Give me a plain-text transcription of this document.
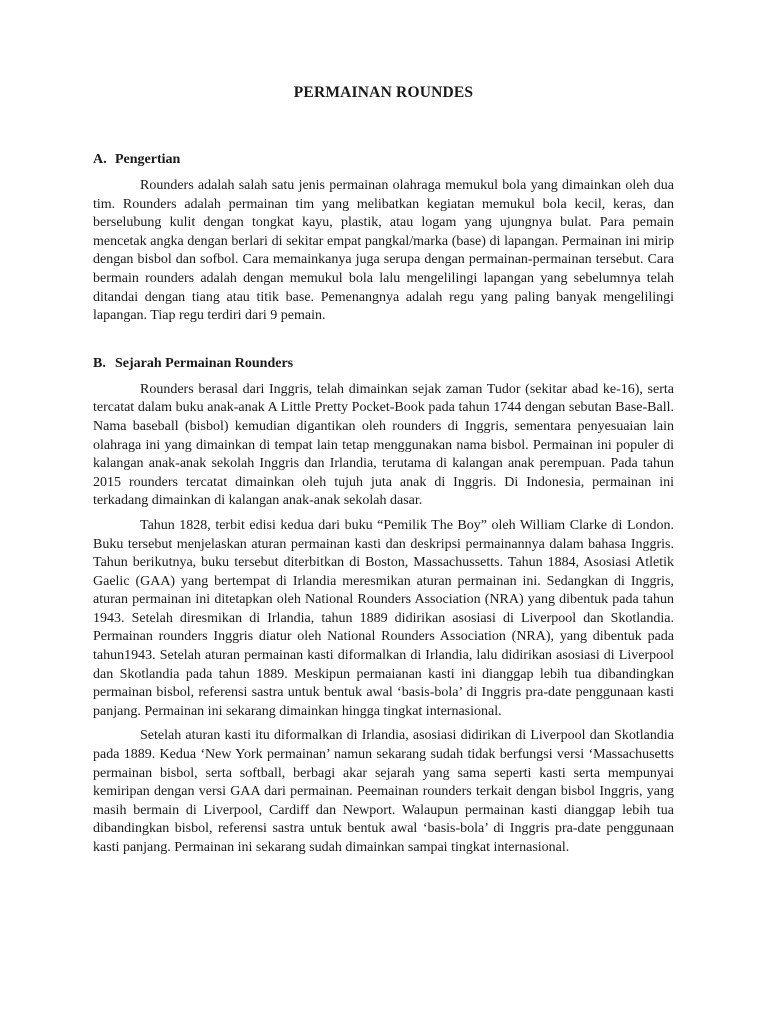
PERMAINAN ROUNDES
A. Pengertian

Rounders adalah salah satu jenis permainan olahraga memukul bola yang dimainkan oleh dua tim. Rounders adalah permainan tim yang melibatkan kegiatan memukul bola kecil, keras, dan berselubung kulit dengan tongkat kayu, plastik, atau logam yang ujungnya bulat. Para pemain mencetak angka dengan berlari di sekitar empat pangkal/marka (base) di lapangan. Permainan ini mirip dengan bisbol dan sofbol. Cara memainkanya juga serupa dengan permainan-permainan tersebut. Cara bermain rounders adalah dengan memukul bola lalu mengelilingi lapangan yang sebelumnya telah ditandai dengan tiang atau titik base. Pemenangnya adalah regu yang paling banyak mengelilingi lapangan. Tiap regu terdiri dari 9 pemain.

B. Sejarah Permainan Rounders

Rounders berasal dari Inggris, telah dimainkan sejak zaman Tudor (sekitar abad ke-16), serta tercatat dalam buku anak-anak A Little Pretty Pocket-Book pada tahun 1744 dengan sebutan Base-Ball. Nama baseball (bisbol) kemudian digantikan oleh rounders di Inggris, sementara penyesuaian lain olahraga ini yang dimainkan di tempat lain tetap menggunakan nama bisbol. Permainan ini populer di kalangan anak-anak sekolah Inggris dan Irlandia, terutama di kalangan anak perempuan. Pada tahun 2015 rounders tercatat dimainkan oleh tujuh juta anak di Inggris. Di Indonesia, permainan ini terkadang dimainkan di kalangan anak-anak sekolah dasar.

Tahun 1828, terbit edisi kedua dari buku “Pemilik The Boy” oleh William Clarke di London. Buku tersebut menjelaskan aturan permainan kasti dan deskripsi permainannya dalam bahasa Inggris. Tahun berikutnya, buku tersebut diterbitkan di Boston, Massachussetts. Tahun 1884, Asosiasi Atletik Gaelic (GAA) yang bertempat di Irlandia meresmikan aturan permainan ini. Sedangkan di Inggris, aturan permainan ini ditetapkan oleh National Rounders Association (NRA) yang dibentuk pada tahun 1943. Setelah diresmikan di Irlandia, tahun 1889 didirikan asosiasi di Liverpool dan Skotlandia. Permainan rounders Inggris diatur oleh National Rounders Association (NRA), yang dibentuk pada tahun1943. Setelah aturan permainan kasti diformalkan di Irlandia, lalu didirikan asosiasi di Liverpool dan Skotlandia pada tahun 1889. Meskipun permaianan kasti ini dianggap lebih tua dibandingkan permainan bisbol, referensi sastra untuk bentuk awal ‘basis-bola’ di Inggris pra-date penggunaan kasti panjang. Permainan ini sekarang dimainkan hingga tingkat internasional.

Setelah aturan kasti itu diformalkan di Irlandia, asosiasi didirikan di Liverpool dan Skotlandia pada 1889. Kedua ‘New York permainan’ namun sekarang sudah tidak berfungsi versi ‘Massachusetts permainan bisbol, serta softball, berbagi akar sejarah yang sama seperti kasti serta mempunyai kemiripan dengan versi GAA dari permainan. Peemainan rounders terkait dengan bisbol Inggris, yang masih bermain di Liverpool, Cardiff dan Newport. Walaupun permainan kasti dianggap lebih tua dibandingkan bisbol, referensi sastra untuk bentuk awal ‘basis-bola’ di Inggris pra-date penggunaan kasti panjang. Permainan ini sekarang sudah dimainkan sampai tingkat internasional.
